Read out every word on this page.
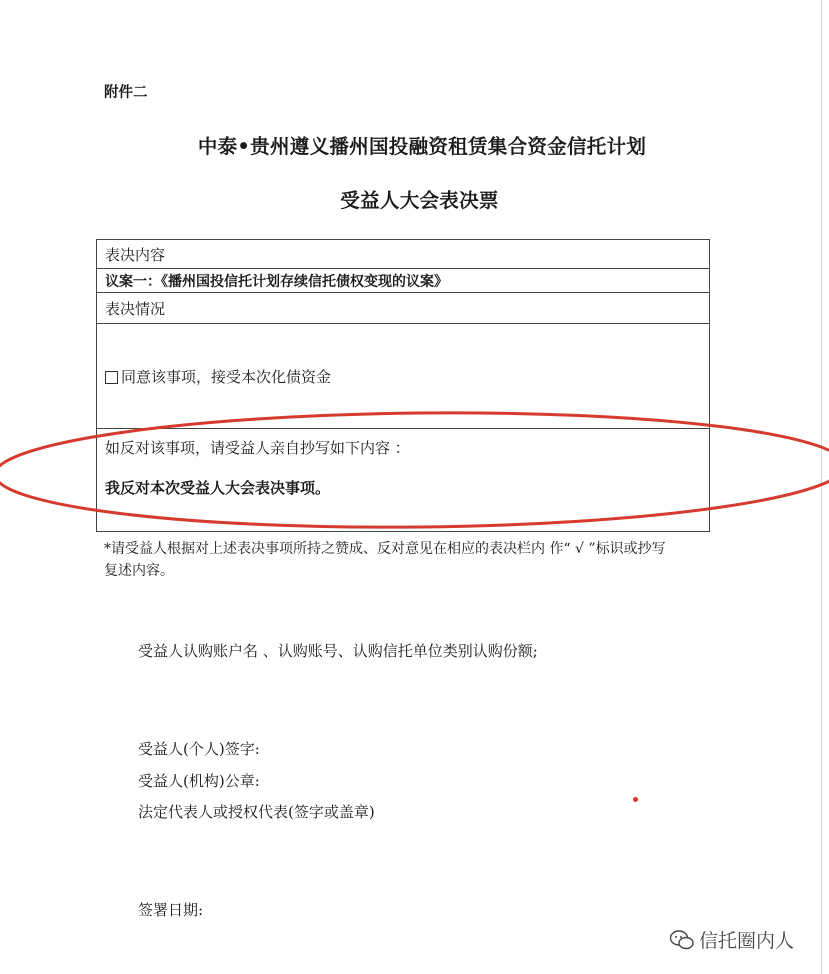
附件二
中泰•贵州遵义播州国投融资租赁集合资金信托计划
受益人大会表决票
表决内容
议案一：《播州国投信托计划存续信托债权变现的议案》
表决情况
同意该事项，接受本次化债资金
如反对该事项，请受益人亲自抄写如下内容 ：
我反对本次受益人大会表决事项。
*请受益人根据对上述表决事项所持之赞成、反对意见在相应的表决栏内 作“ √ ”标识或抄写
复述内容。
受益人认购账户名 、认购账号、认购信托单位类别认购份额;
受益人(个人)签字:
受益人(机构)公章:
法定代表人或授权代表(签字或盖章)
签署日期:
信托圈内人
